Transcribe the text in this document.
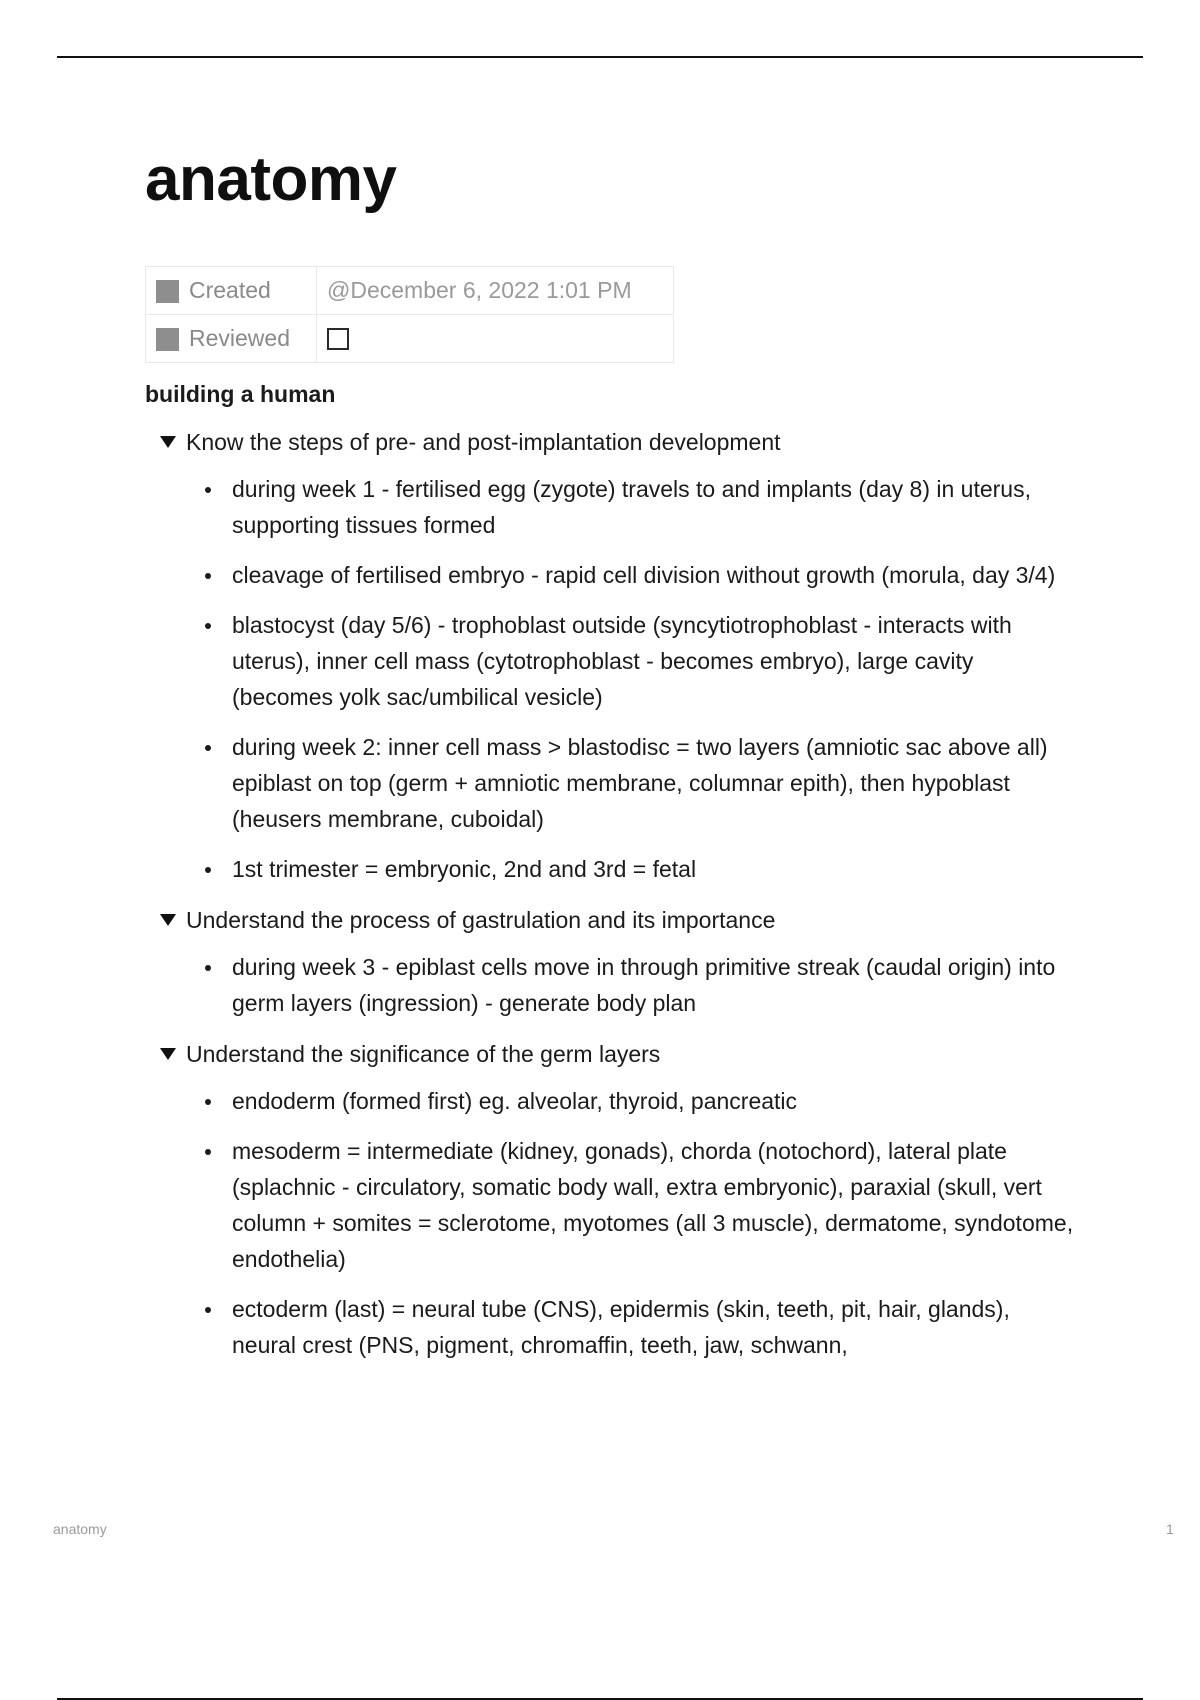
anatomy
Created	@December 6, 2022 1:01 PM
Reviewed	
building a human
Know the steps of pre- and post-implantation development
during week 1 - fertilised egg (zygote) travels to and implants (day 8) in uterus, supporting tissues formed
cleavage of fertilised embryo - rapid cell division without growth (morula, day 3/4)
blastocyst (day 5/6) - trophoblast outside (syncytiotrophoblast - interacts with uterus), inner cell mass (cytotrophoblast - becomes embryo), large cavity (becomes yolk sac/umbilical vesicle)
during week 2: inner cell mass > blastodisc = two layers (amniotic sac above all) epiblast on top (germ + amniotic membrane, columnar epith), then hypoblast (heusers membrane, cuboidal)
1st trimester = embryonic, 2nd and 3rd = fetal
Understand the process of gastrulation and its importance
during week 3 - epiblast cells move in through primitive streak (caudal origin) into germ layers (ingression) - generate body plan
Understand the significance of the germ layers
endoderm (formed first) eg. alveolar, thyroid, pancreatic
mesoderm = intermediate (kidney, gonads), chorda (notochord), lateral plate (splachnic - circulatory, somatic body wall, extra embryonic), paraxial (skull, vert column + somites = sclerotome, myotomes (all 3 muscle), dermatome, syndotome, endothelia)
ectoderm (last) = neural tube (CNS), epidermis (skin, teeth, pit, hair, glands), neural crest (PNS, pigment, chromaffin, teeth, jaw, schwann,
anatomy	1
